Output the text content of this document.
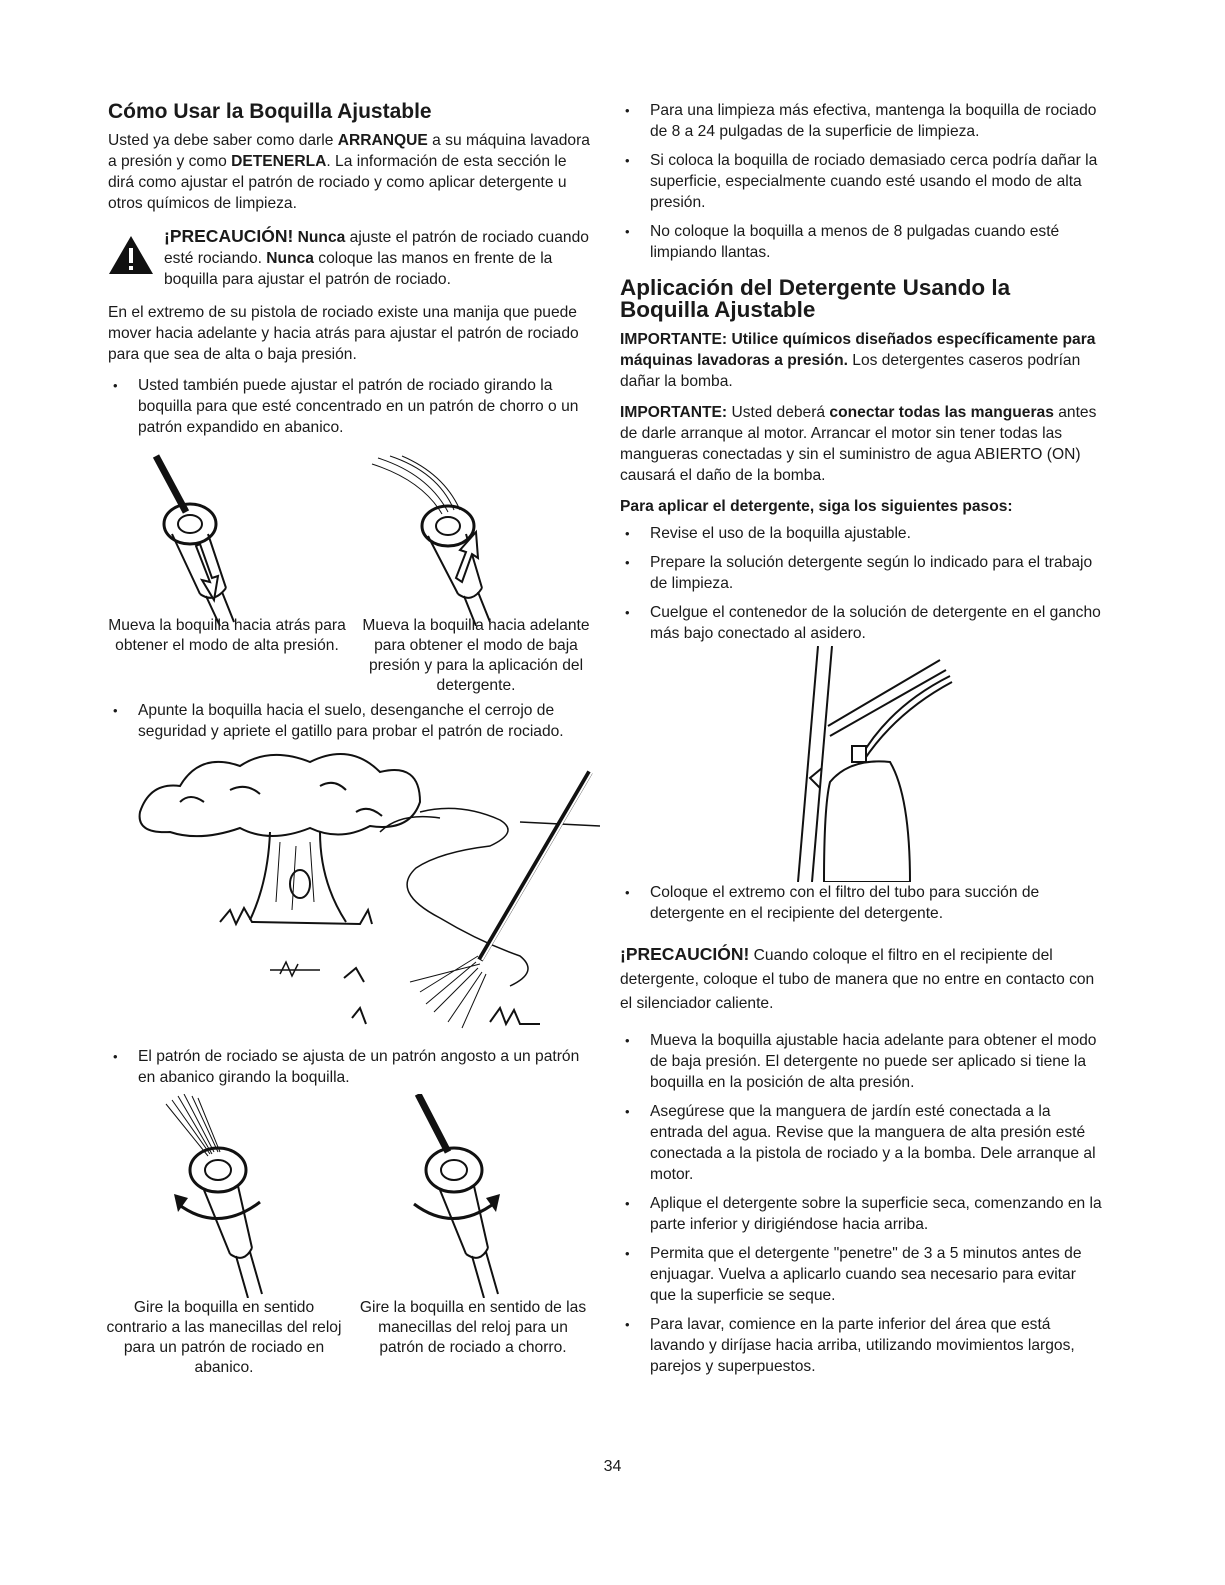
Cómo Usar la Boquilla Ajustable

Usted ya debe saber como darle ARRANQUE a su máquina lavadora a presión y como DETENERLA. La información de esta sección le dirá como ajustar el patrón de rociado y como aplicar detergente u otros químicos de limpieza.

¡PRECAUCIÓN! Nunca ajuste el patrón de rociado cuando esté rociando. Nunca coloque las manos en frente de la boquilla para ajustar el patrón de rociado.

En el extremo de su pistola de rociado existe una manija que puede mover hacia adelante y hacia atrás para ajustar el patrón de rociado para que sea de alta o baja presión.

• Usted también puede ajustar el patrón de rociado girando la boquilla para que esté concentrado en un patrón de chorro o un patrón expandido en abanico.
Mueva la boquilla hacia atrás para obtener el modo de alta presión.
Mueva la boquilla hacia adelante para obtener el modo de baja presión y para la aplicación del detergente.
• Apunte la boquilla hacia el suelo, desenganche el cerrojo de seguridad y apriete el gatillo para probar el patrón de rociado.
• El patrón de rociado se ajusta de un patrón angosto a un patrón en abanico girando la boquilla.
Gire la boquilla en sentido contrario a las manecillas del reloj para un patrón de rociado en abanico.
Gire la boquilla en sentido de las manecillas del reloj para un patrón de rociado a chorro.
• Para una limpieza más efectiva, mantenga la boquilla de rociado de 8 a 24 pulgadas de la superficie de limpieza.
• Si coloca la boquilla de rociado demasiado cerca podría dañar la superficie, especialmente cuando esté usando el modo de alta presión.
• No coloque la boquilla a menos de 8 pulgadas cuando esté limpiando llantas.
Aplicación del Detergente Usando la Boquilla Ajustable

IMPORTANTE: Utilice químicos diseñados específicamente para máquinas lavadoras a presión. Los detergentes caseros podrían dañar la bomba.

IMPORTANTE: Usted deberá conectar todas las mangueras antes de darle arranque al motor. Arrancar el motor sin tener todas las mangueras conectadas y sin el suministro de agua ABIERTO (ON) causará el daño de la bomba.

Para aplicar el detergente, siga los siguientes pasos:

• Revise el uso de la boquilla ajustable.
• Prepare la solución detergente según lo indicado para el trabajo de limpieza.
• Cuelgue el contenedor de la solución de detergente en el gancho más bajo conectado al asidero.
• Coloque el extremo con el filtro del tubo para succión de detergente en el recipiente del detergente.

¡PRECAUCIÓN! Cuando coloque el filtro en el recipiente del detergente, coloque el tubo de manera que no entre en contacto con el silenciador caliente.

• Mueva la boquilla ajustable hacia adelante para obtener el modo de baja presión. El detergente no puede ser aplicado si tiene la boquilla en la posición de alta presión.
• Asegúrese que la manguera de jardín esté conectada a la entrada del agua. Revise que la manguera de alta presión esté conectada a la pistola de rociado y a la bomba. Dele arranque al motor.
• Aplique el detergente sobre la superficie seca, comenzando en la parte inferior y dirigiéndose hacia arriba.
• Permita que el detergente "penetre" de 3 a 5 minutos antes de enjuagar. Vuelva a aplicarlo cuando sea necesario para evitar que la superficie se seque.
• Para lavar, comience en la parte inferior del área que está lavando y diríjase hacia arriba, utilizando movimientos largos, parejos y superpuestos.
34
